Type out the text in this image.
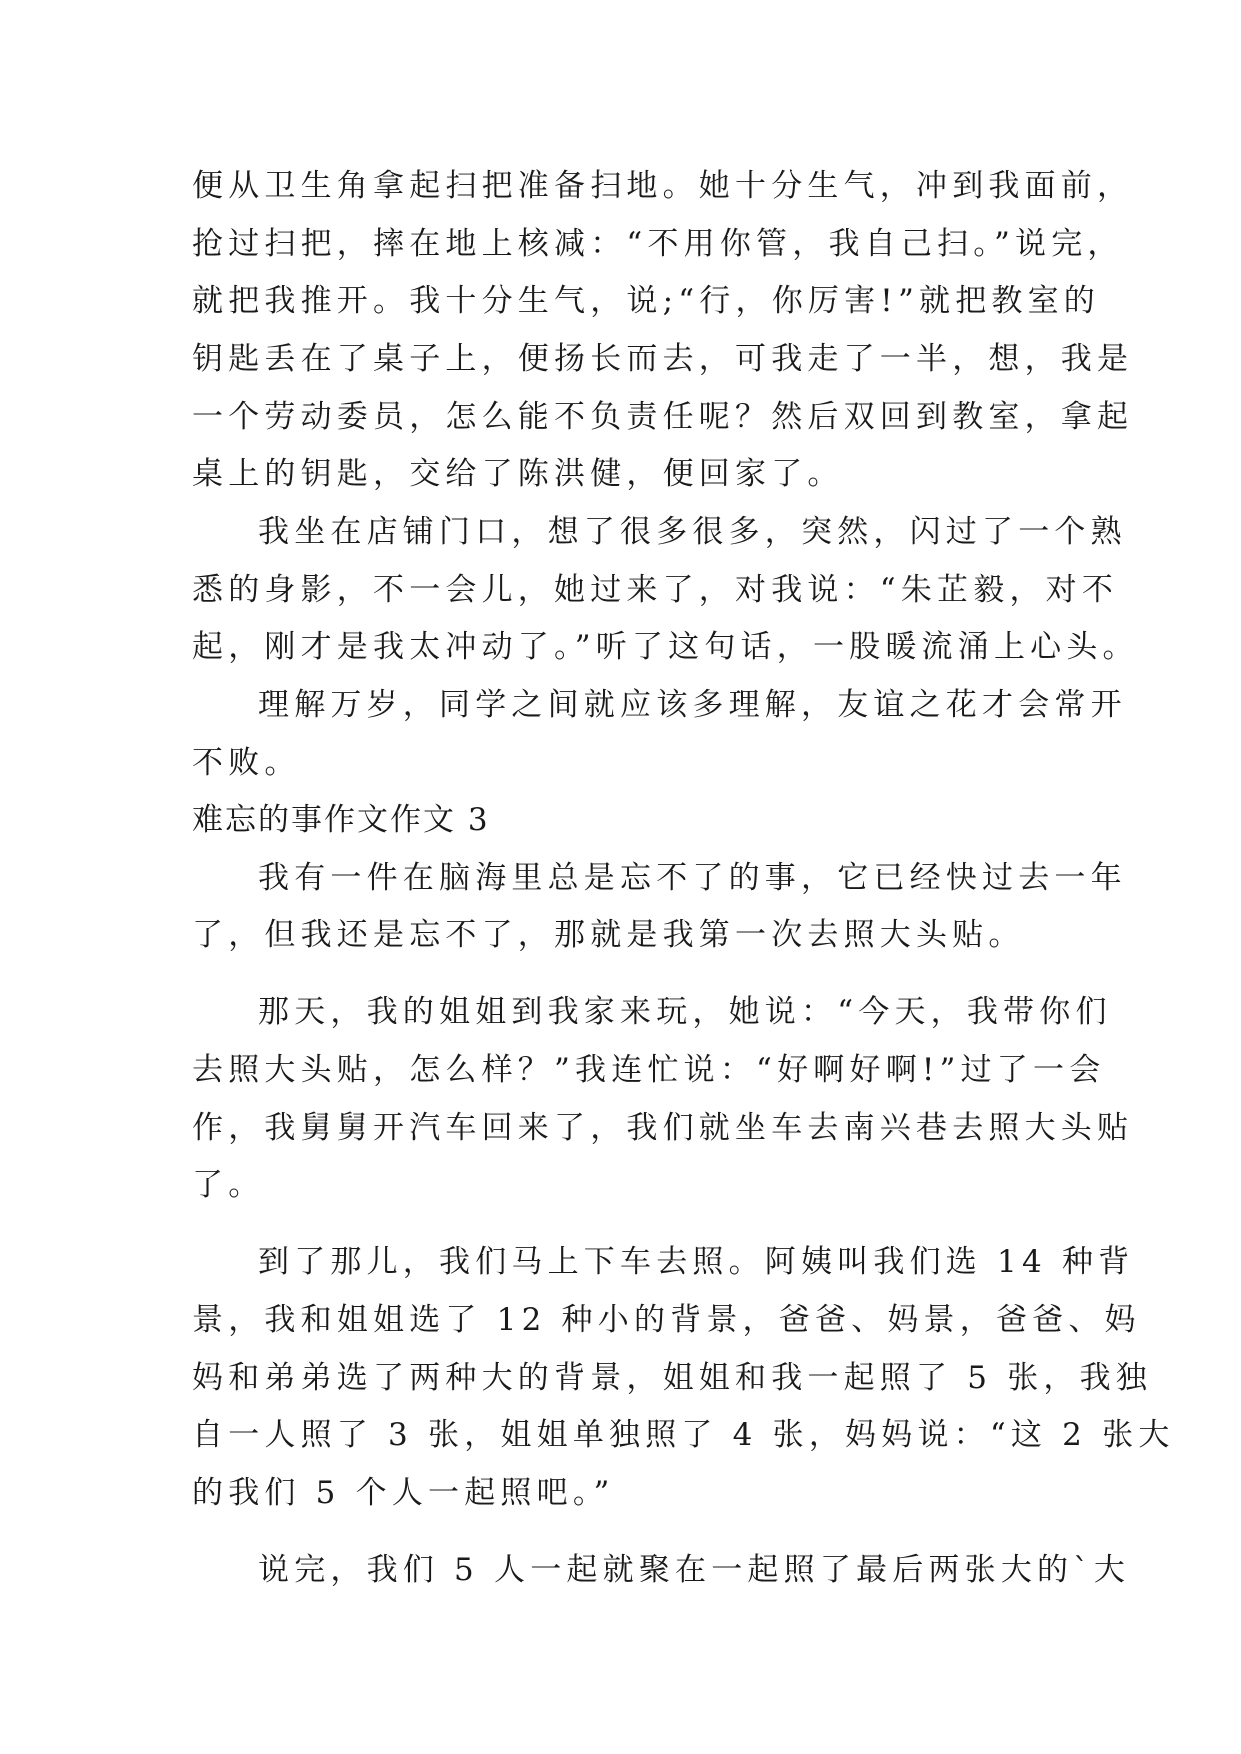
便从卫生角拿起扫把准备扫地。她十分生气，冲到我面前，
抢过扫把，摔在地上核减：“不用你管，我自己扫。”说完，
就把我推开。我十分生气，说;“行，你厉害!”就把教室的
钥匙丢在了桌子上，便扬长而去，可我走了一半，想，我是
一个劳动委员，怎么能不负责任呢？然后双回到教室，拿起
桌上的钥匙，交给了陈洪健，便回家了。
我坐在店铺门口，想了很多很多，突然，闪过了一个熟
悉的身影，不一会儿，她过来了，对我说：“朱芷毅，对不
起，刚才是我太冲动了。”听了这句话，一股暖流涌上心头。
理解万岁，同学之间就应该多理解，友谊之花才会常开
不败。
难忘的事作文作文 3
我有一件在脑海里总是忘不了的事，它已经快过去一年
了，但我还是忘不了，那就是我第一次去照大头贴。
那天，我的姐姐到我家来玩，她说：“今天，我带你们
去照大头贴，怎么样？”我连忙说：“好啊好啊!”过了一会
作，我舅舅开汽车回来了，我们就坐车去南兴巷去照大头贴
了。
到了那儿，我们马上下车去照。阿姨叫我们选 14 种背
景，我和姐姐选了 12 种小的背景，爸爸、妈景，爸爸、妈
妈和弟弟选了两种大的背景，姐姐和我一起照了 5 张，我独
自一人照了 3 张，姐姐单独照了 4 张，妈妈说：“这 2 张大
的我们 5 个人一起照吧。”
说完，我们 5 人一起就聚在一起照了最后两张大的`大
